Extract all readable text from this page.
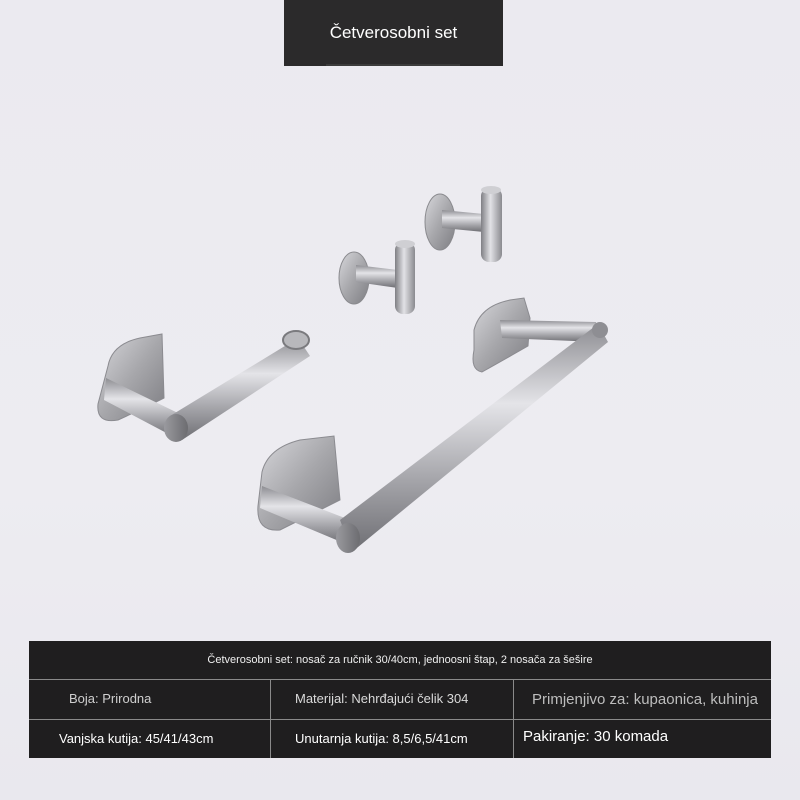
Četverosobni set
Četverosobni set: nosač za ručnik 30/40cm, jednoosni štap, 2 nosača za šešire
Boja: Prirodna	Materijal: Nehrđajući čelik 304	Primjenjivo za: kupaonica, kuhinja
Vanjska kutija: 45/41/43cm	Unutarnja kutija: 8,5/6,5/41cm	Pakiranje: 30 komada
